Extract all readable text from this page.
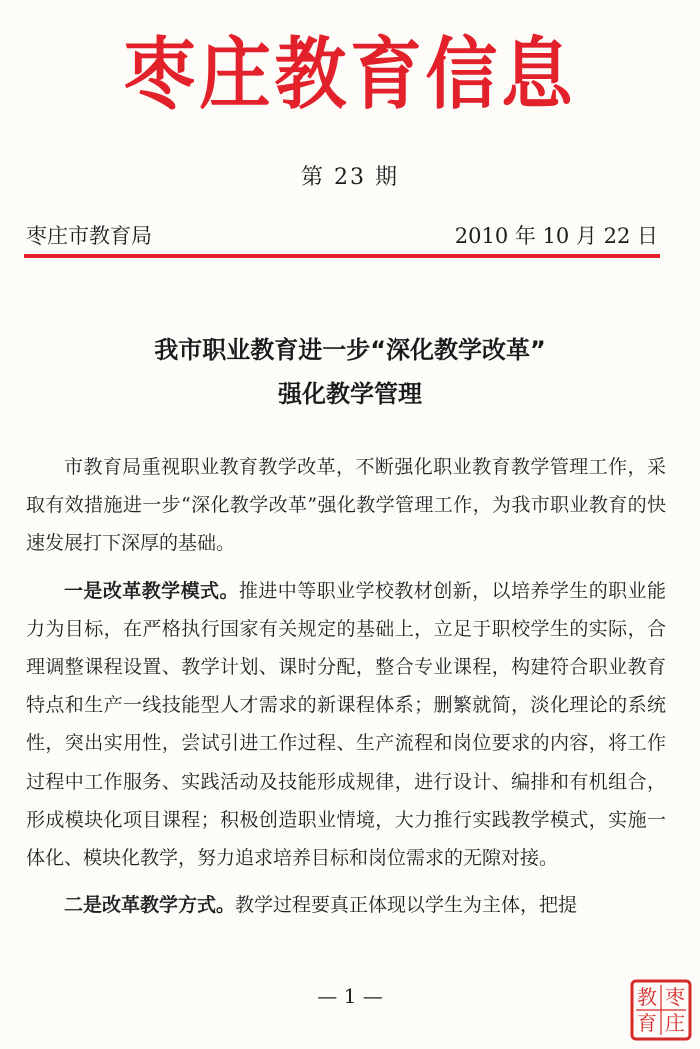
枣庄教育信息
第 23 期
枣庄市教育局	2010 年 10 月 22 日
我市职业教育进一步“深化教学改革”
强化教学管理

市教育局重视职业教育教学改革，不断强化职业教育教学管理工作，采取有效措施进一步“深化教学改革”强化教学管理工作，为我市职业教育的快速发展打下深厚的基础。

一是改革教学模式。推进中等职业学校教材创新，以培养学生的职业能力为目标，在严格执行国家有关规定的基础上，立足于职校学生的实际，合理调整课程设置、教学计划、课时分配，整合专业课程，构建符合职业教育特点和生产一线技能型人才需求的新课程体系；删繁就简，淡化理论的系统性，突出实用性，尝试引进工作过程、生产流程和岗位要求的内容，将工作过程中工作服务、实践活动及技能形成规律，进行设计、编排和有机组合，形成模块化项目课程；积极创造职业情境，大力推行实践教学模式，实施一体化、模块化教学，努力追求培养目标和岗位需求的无隙对接。

二是改革教学方式。教学过程要真正体现以学生为主体，把提

— 1 —	枣
庄
教
育
